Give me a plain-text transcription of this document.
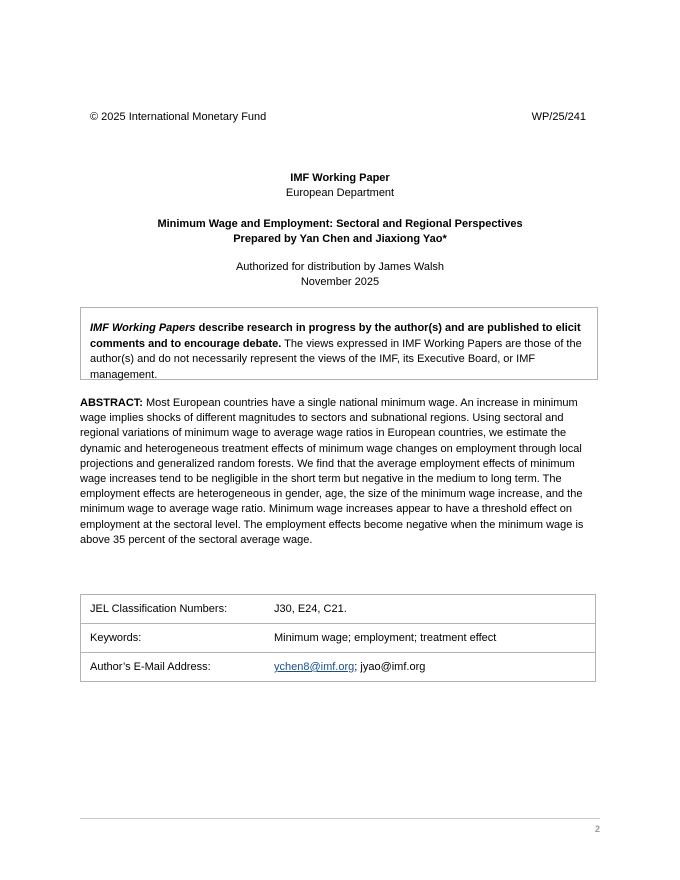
© 2025 International Monetary Fund	WP/25/241
IMF Working Paper
European Department
Minimum Wage and Employment: Sectoral and Regional Perspectives
Prepared by Yan Chen and Jiaxiong Yao*
Authorized for distribution by James Walsh
November 2025
IMF Working Papers describe research in progress by the author(s) and are published to elicit comments and to encourage debate. The views expressed in IMF Working Papers are those of the author(s) and do not necessarily represent the views of the IMF, its Executive Board, or IMF management.
ABSTRACT: Most European countries have a single national minimum wage. An increase in minimum wage implies shocks of different magnitudes to sectors and subnational regions. Using sectoral and regional variations of minimum wage to average wage ratios in European countries, we estimate the dynamic and heterogeneous treatment effects of minimum wage changes on employment through local projections and generalized random forests. We find that the average employment effects of minimum wage increases tend to be negligible in the short term but negative in the medium to long term. The employment effects are heterogeneous in gender, age, the size of the minimum wage increase, and the minimum wage to average wage ratio. Minimum wage increases appear to have a threshold effect on employment at the sectoral level. The employment effects become negative when the minimum wage is above 35 percent of the sectoral average wage.
JEL Classification Numbers:	J30, E24, C21.
Keywords:	Minimum wage; employment; treatment effect
Author’s E-Mail Address:	ychen8@imf.org; jyao@imf.org
2
